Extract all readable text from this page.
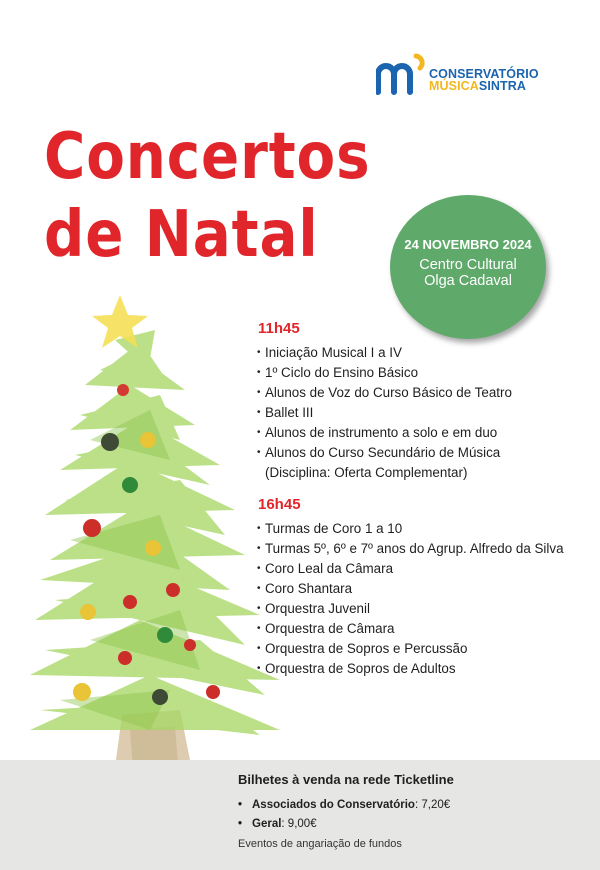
CONSERVATÓRIO
MÚSICASINTRA
Concertos
de Natal	24 NOVEMBRO 2024
Centro Cultural
Olga Cadaval
11h45
• Iniciação Musical I a IV
• 1º Ciclo do Ensino Básico
• Alunos de Voz do Curso Básico de Teatro
• Ballet III
• Alunos de instrumento a solo e em duo
• Alunos do Curso Secundário de Música
(Disciplina: Oferta Complementar)
16h45
• Turmas de Coro 1 a 10
• Turmas 5º, 6º e 7º anos do Agrup. Alfredo da Silva
• Coro Leal da Câmara
• Coro Shantara
• Orquestra Juvenil
• Orquestra de Câmara
• Orquestra de Sopros e Percussão
• Orquestra de Sopros de Adultos
Bilhetes à venda na rede Ticketline
• Associados do Conservatório: 7,20€
• Geral: 9,00€
Eventos de angariação de fundos
